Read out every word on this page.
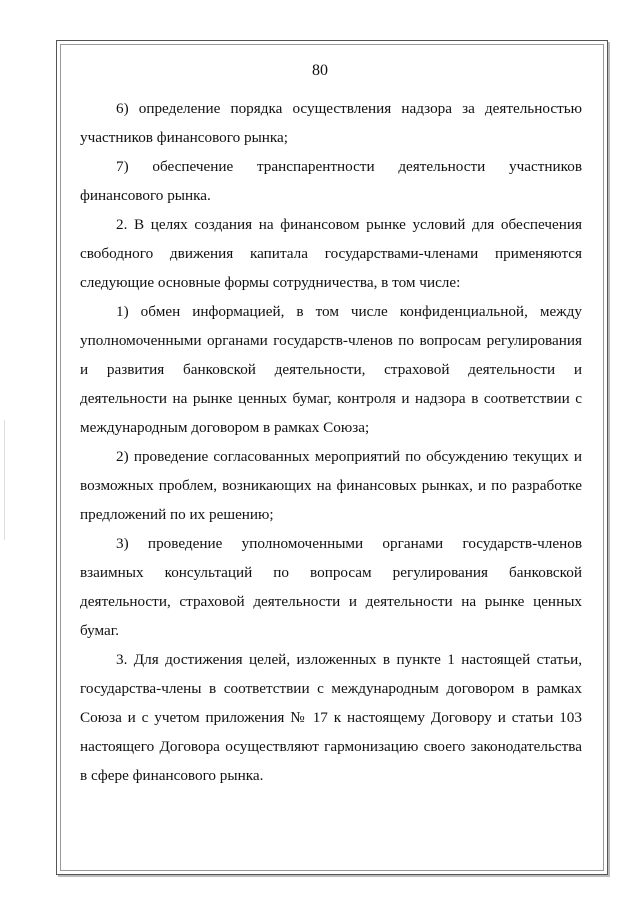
80

6) определение порядка осуществления надзора за деятельностью участников финансового рынка;

7) обеспечение транспарентности деятельности участников финансового рынка.

2. В целях создания на финансовом рынке условий для обеспечения свободного движения капитала государствами-членами применяются следующие основные формы сотрудничества, в том числе:

1) обмен информацией, в том числе конфиденциальной, между уполномоченными органами государств-членов по вопросам регулирования и развития банковской деятельности, страховой деятельности и деятельности на рынке ценных бумаг, контроля и надзора в соответствии с международным договором в рамках Союза;

2) проведение согласованных мероприятий по обсуждению текущих и возможных проблем, возникающих на финансовых рынках, и по разработке предложений по их решению;

3) проведение уполномоченными органами государств-членов взаимных консультаций по вопросам регулирования банковской деятельности, страховой деятельности и деятельности на рынке ценных бумаг.

3. Для достижения целей, изложенных в пункте 1 настоящей статьи, государства-члены в соответствии с международным договором в рамках Союза и с учетом приложения № 17 к настоящему Договору и статьи 103 настоящего Договора осуществляют гармонизацию своего законодательства в сфере финансового рынка.
